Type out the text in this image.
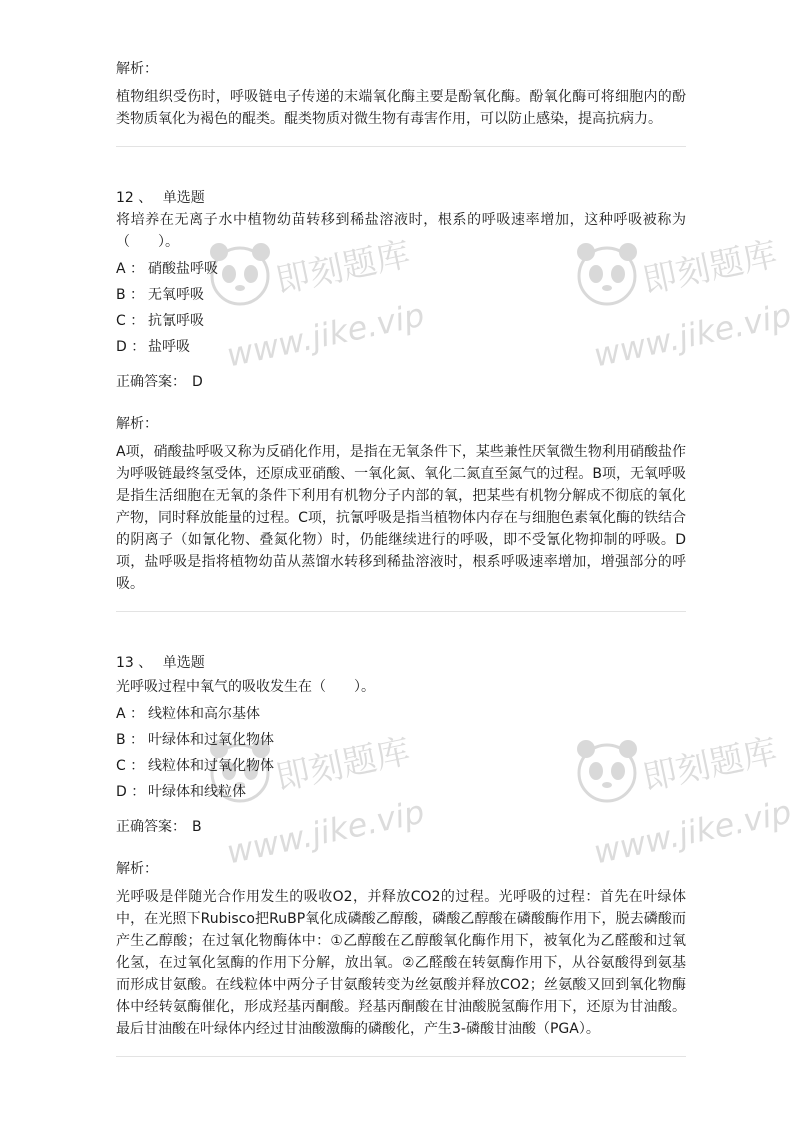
即刻题库
www.jike.vip
即刻题库
www.jike.vip
即刻题库
www.jike.vip
即刻题库
www.jike.vip

解析：

植物组织受伤时，呼吸链电子传递的末端氧化酶主要是酚氧化酶。酚氧化酶可将细胞内的酚类物质氧化为褐色的醌类。醌类物质对微生物有毒害作用，可以防止感染，提高抗病力。

12 、 单选题

将培养在无离子水中植物幼苗转移到稀盐溶液时，根系的呼吸速率增加，这种呼吸被称为（　　）。

A ： 硝酸盐呼吸

B ： 无氧呼吸

C ： 抗氰呼吸

D ： 盐呼吸

正确答案： D

解析：

A项，硝酸盐呼吸又称为反硝化作用，是指在无氧条件下，某些兼性厌氧微生物利用硝酸盐作为呼吸链最终氢受体，还原成亚硝酸、一氧化氮、氧化二氮直至氮气的过程。B项，无氧呼吸是指生活细胞在无氧的条件下利用有机物分子内部的氧，把某些有机物分解成不彻底的氧化产物，同时释放能量的过程。C项，抗氰呼吸是指当植物体内存在与细胞色素氧化酶的铁结合的阴离子（如氰化物、叠氮化物）时，仍能继续进行的呼吸，即不受氰化物抑制的呼吸。D项，盐呼吸是指将植物幼苗从蒸馏水转移到稀盐溶液时，根系呼吸速率增加，增强部分的呼吸。

13 、 单选题

光呼吸过程中氧气的吸收发生在（　　）。

A ： 线粒体和高尔基体

B ： 叶绿体和过氧化物体

C ： 线粒体和过氧化物体

D ： 叶绿体和线粒体

正确答案： B

解析：

光呼吸是伴随光合作用发生的吸收O2，并释放CO2的过程。光呼吸的过程：首先在叶绿体中，在光照下Rubisco把RuBP氧化成磷酸乙醇酸，磷酸乙醇酸在磷酸酶作用下，脱去磷酸而产生乙醇酸；在过氧化物酶体中：①乙醇酸在乙醇酸氧化酶作用下，被氧化为乙醛酸和过氧化氢，在过氧化氢酶的作用下分解，放出氧。②乙醛酸在转氨酶作用下，从谷氨酸得到氨基而形成甘氨酸。在线粒体中两分子甘氨酸转变为丝氨酸并释放CO2；丝氨酸又回到氧化物酶体中经转氨酶催化，形成羟基丙酮酸。羟基丙酮酸在甘油酸脱氢酶作用下，还原为甘油酸。最后甘油酸在叶绿体内经过甘油酸激酶的磷酸化，产生3-磷酸甘油酸（PGA）。
